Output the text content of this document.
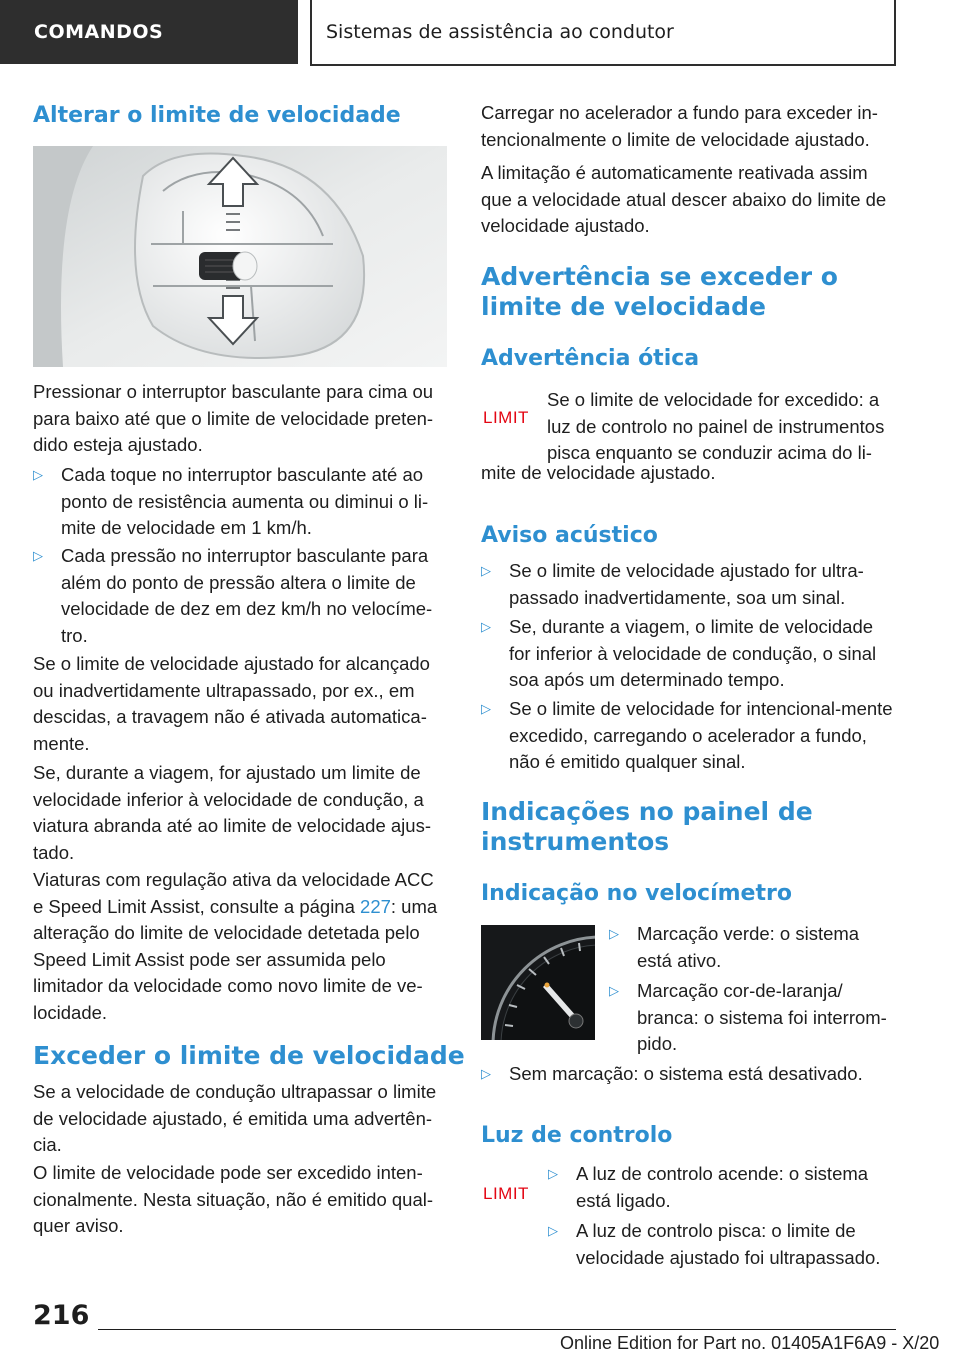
COMANDOS	Sistemas de assistência ao condutor
Alterar o limite de velocidade

Pressionar o interruptor basculante para cima ou para baixo até que o limite de velocidade preten-dido esteja ajustado.

▷ Cada toque no interruptor basculante até ao ponto de resistência aumenta ou diminui o li-mite de velocidade em 1 km/h.
▷ Cada pressão no interruptor basculante para além do ponto de pressão altera o limite de velocidade de dez em dez km/h no velocíme-tro.

Se o limite de velocidade ajustado for alcançado ou inadvertidamente ultrapassado, por ex., em descidas, a travagem não é ativada automatica-mente.

Se, durante a viagem, for ajustado um limite de velocidade inferior à velocidade de condução, a viatura abranda até ao limite de velocidade ajus-tado.

Viaturas com regulação ativa da velocidade ACC e Speed Limit Assist, consulte a página 227: uma alteração do limite de velocidade detetada pelo Speed Limit Assist pode ser assumida pelo limitador da velocidade como novo limite de ve-locidade.

Exceder o limite de velocidade

Se a velocidade de condução ultrapassar o limite de velocidade ajustado, é emitida uma advertên-cia.

O limite de velocidade pode ser excedido inten-cionalmente. Nesta situação, não é emitido qual-quer aviso.

Carregar no acelerador a fundo para exceder in-tencionalmente o limite de velocidade ajustado.

A limitação é automaticamente reativada assim que a velocidade atual descer abaixo do limite de velocidade ajustado.

Advertência se exceder o limite de velocidade
Advertência ótica
LIMIT

Se o limite de velocidade for excedido: a luz de controlo no painel de instrumentos pisca enquanto se conduzir acima do li-

mite de velocidade ajustado.

Aviso acústico
▷ Se o limite de velocidade ajustado for ultra-passado inadvertidamente, soa um sinal.
▷ Se, durante a viagem, o limite de velocidade for inferior à velocidade de condução, o sinal soa após um determinado tempo.
▷ Se o limite de velocidade for intencional-mente excedido, carregando o acelerador a fundo, não é emitido qualquer sinal.
Indicações no painel de instrumentos
Indicação no velocímetro
▷ Marcação verde: o sistema está ativo.
▷ Marcação cor-de-laranja/ branca: o sistema foi interrom-pido.
▷ Sem marcação: o sistema está desativado.
Luz de controlo
LIMIT
▷ A luz de controlo acende: o sistema está ligado.
▷ A luz de controlo pisca: o limite de velocidade ajustado foi ultrapassado.
216
Online Edition for Part no. 01405A1F6A9 - X/20
